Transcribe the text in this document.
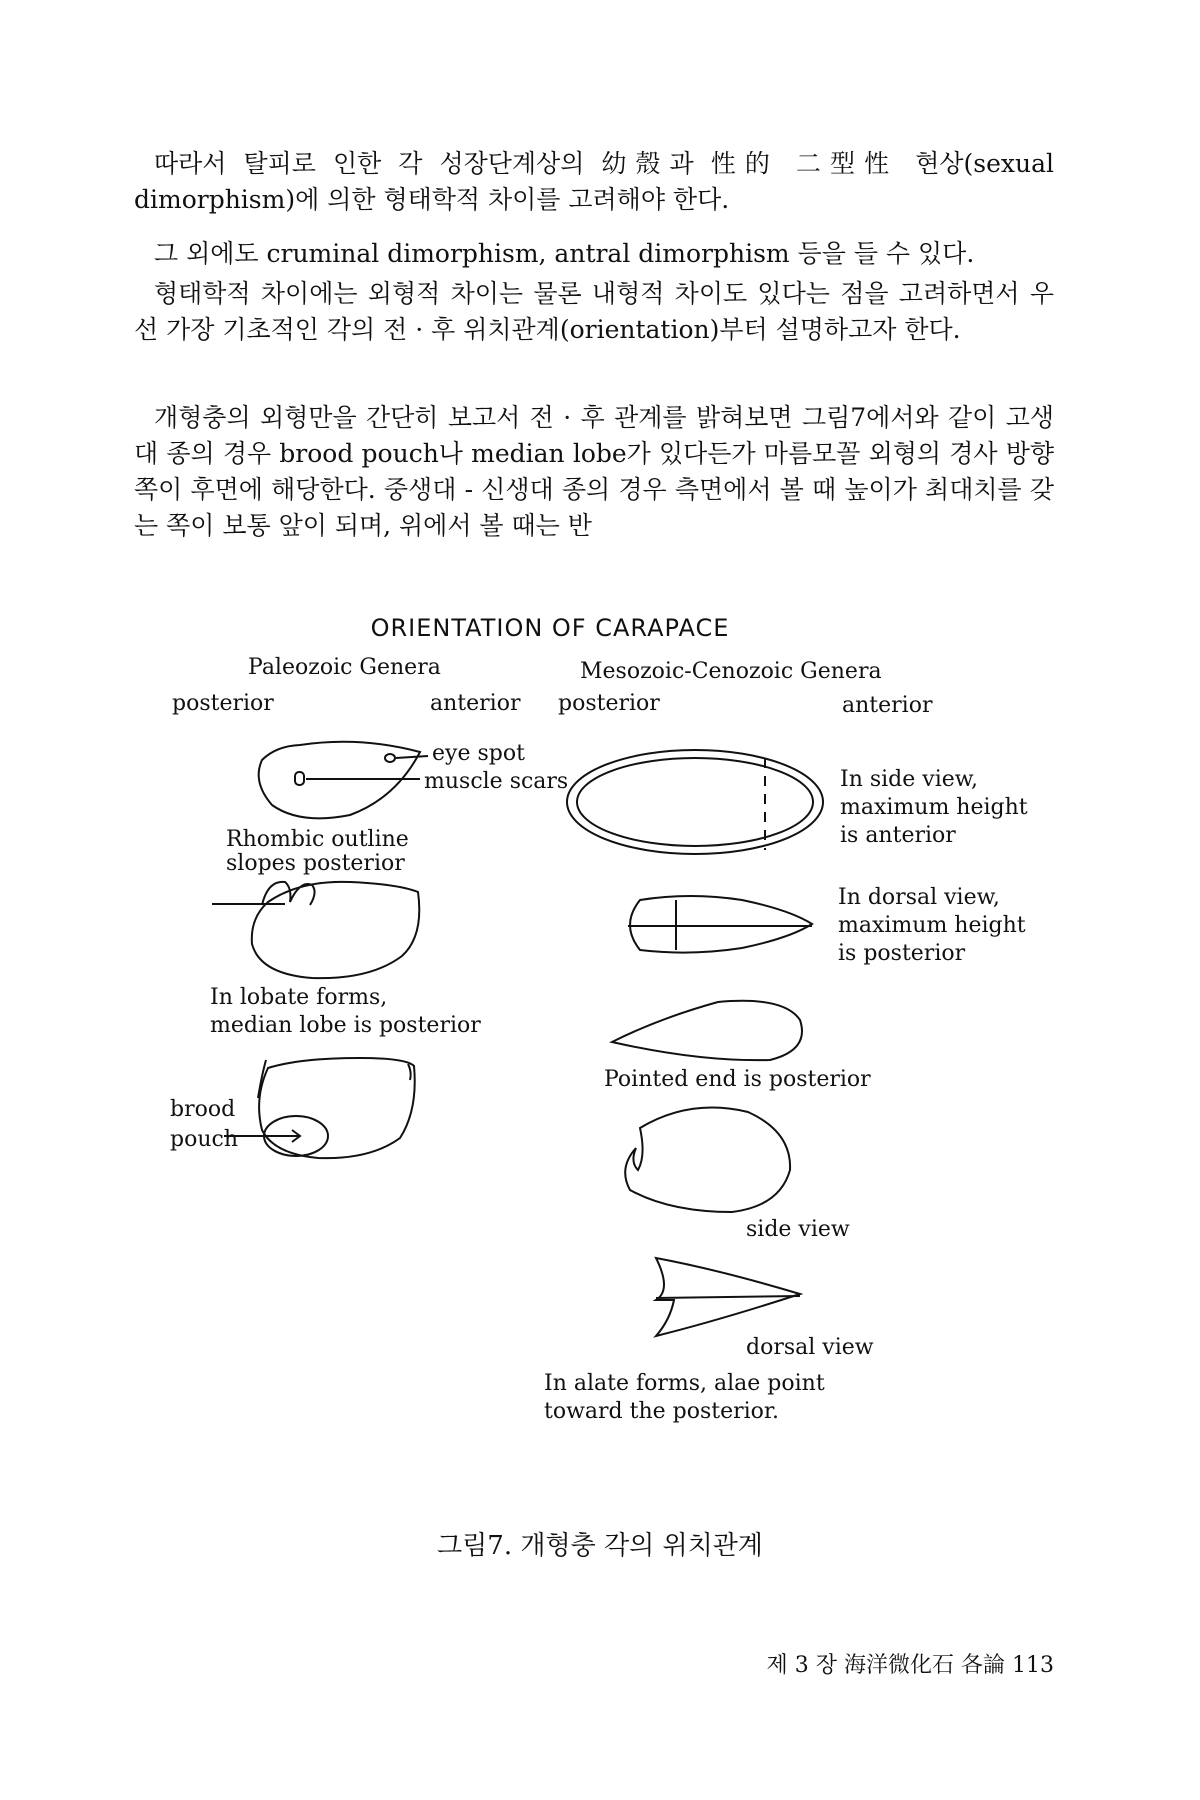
따라서 탈피로 인한 각 성장단계상의 幼殼과 性的 二型性 현상(sexual dimorphism)에 의한 형태학적 차이를 고려해야 한다.

그 외에도 cruminal dimorphism, antral dimorphism 등을 들 수 있다.

형태학적 차이에는 외형적 차이는 물론 내형적 차이도 있다는 점을 고려하면서 우선 가장 기초적인 각의 전 · 후 위치관계(orientation)부터 설명하고자 한다.

개형충의 외형만을 간단히 보고서 전 · 후 관계를 밝혀보면 그림7에서와 같이 고생대 종의 경우 brood pouch나 median lobe가 있다든가 마름모꼴 외형의 경사 방향 쪽이 후면에 해당한다. 중생대 - 신생대 종의 경우 측면에서 볼 때 높이가 최대치를 갖는 쪽이 보통 앞이 되며, 위에서 볼 때는 반

ORIENTATION OF CARAPACE

Paleozoic Genera	Mesozoic-Cenozoic Genera

posterior	anterior posterior	anterior

eye spot

muscle scars

Rhombic outline

slopes posterior

In lobate forms,

median lobe is posterior

brood

pouch

In side view,

maximum height

is anterior

In dorsal view,

maximum height

is posterior

Pointed end is posterior

side view

dorsal view

In alate forms, alae point

toward the posterior.

그림7. 개형충 각의 위치관계

제 3 장 海洋微化石 各論 113
